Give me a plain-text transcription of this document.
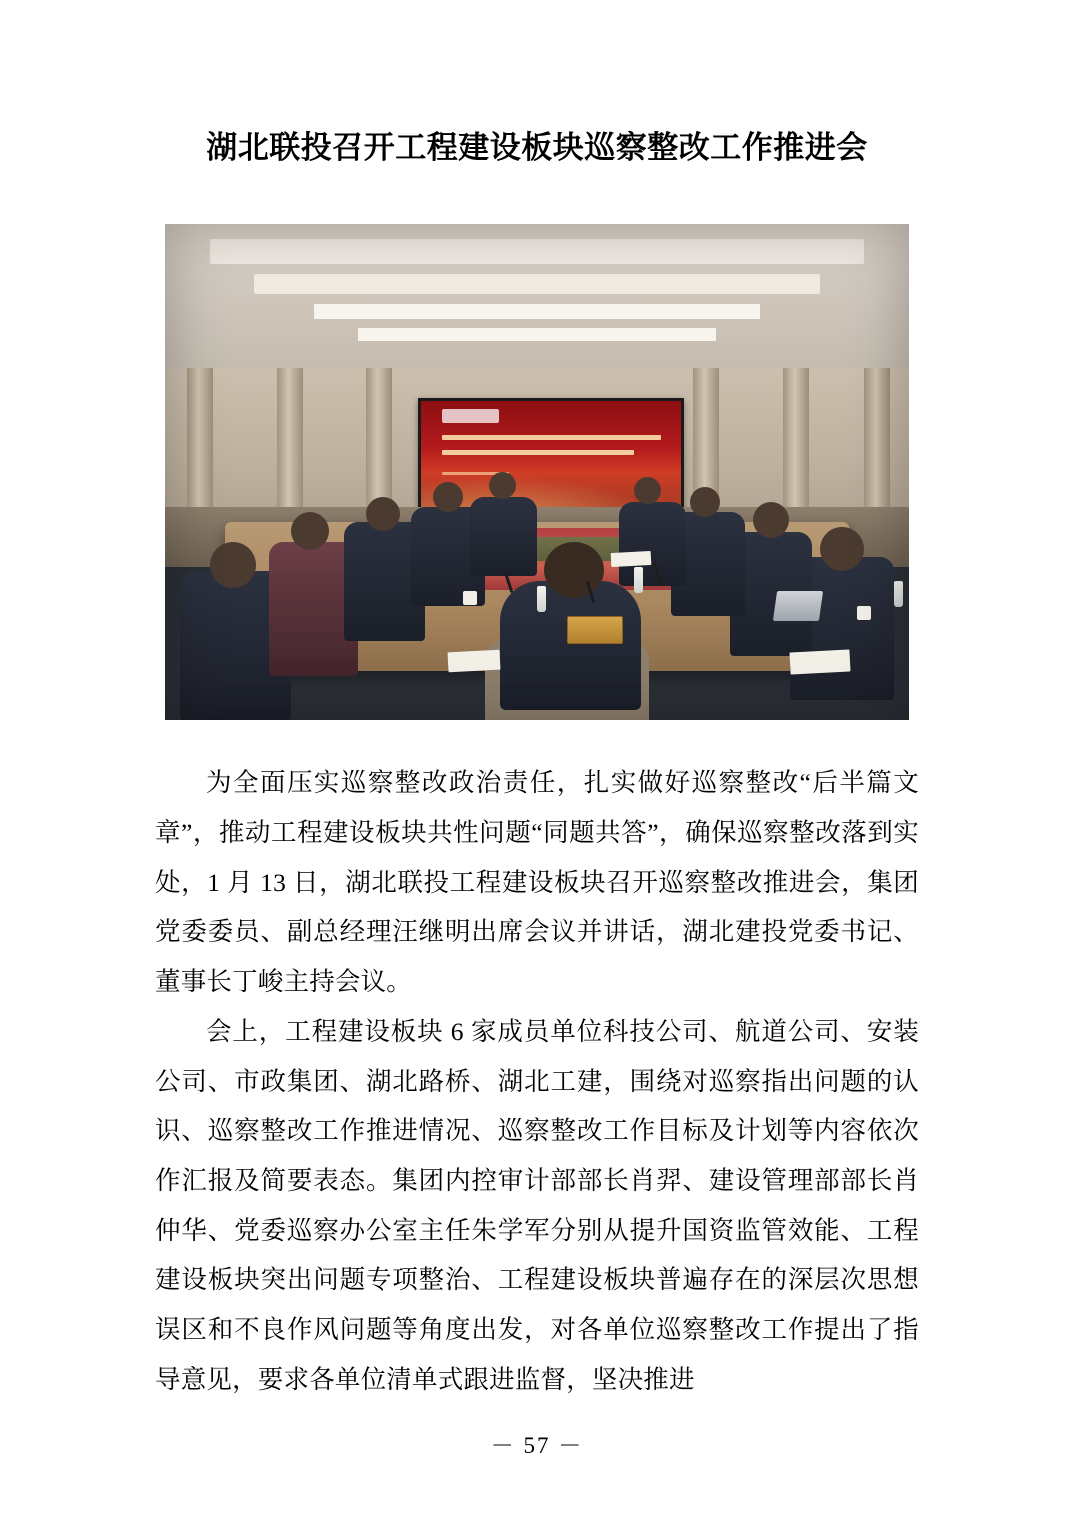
湖北联投召开工程建设板块巡察整改工作推进会

为全面压实巡察整改政治责任，扎实做好巡察整改“后半篇文章”，推动工程建设板块共性问题“同题共答”，确保巡察整改落到实处，1 月 13 日，湖北联投工程建设板块召开巡察整改推进会，集团党委委员、副总经理汪继明出席会议并讲话，湖北建投党委书记、董事长丁峻主持会议。

会上，工程建设板块 6 家成员单位科技公司、航道公司、安装公司、市政集团、湖北路桥、湖北工建，围绕对巡察指出问题的认识、巡察整改工作推进情况、巡察整改工作目标及计划等内容依次作汇报及简要表态。集团内控审计部部长肖羿、建设管理部部长肖仲华、党委巡察办公室主任朱学军分别从提升国资监管效能、工程建设板块突出问题专项整治、工程建设板块普遍存在的深层次思想误区和不良作风问题等角度出发，对各单位巡察整改工作提出了指导意见，要求各单位清单式跟进监督，坚决推进

－ 57 －
